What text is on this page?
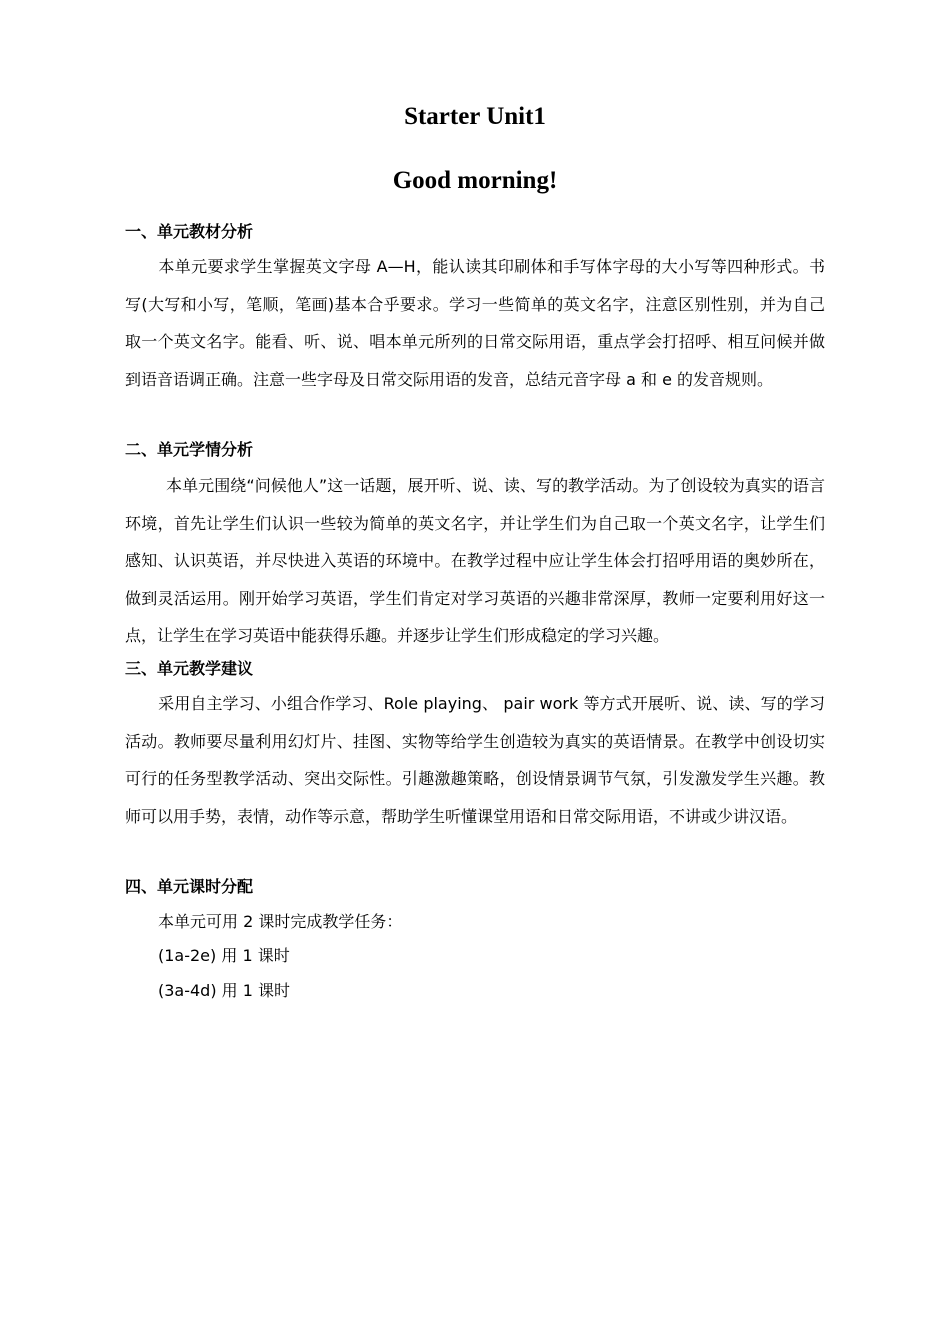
Starter Unit1
Good morning!
一、单元教材分析
本单元要求学生掌握英文字母 A—H，能认读其印刷体和手写体字母的大小写等四种形式。书写(大写和小写，笔顺，笔画)基本合乎要求。学习一些简单的英文名字，注意区别性别，并为自己取一个英文名字。能看、听、说、唱本单元所列的日常交际用语，重点学会打招呼、相互问候并做到语音语调正确。注意一些字母及日常交际用语的发音，总结元音字母 a 和 e 的发音规则。
二、单元学情分析
本单元围绕“问候他人”这一话题，展开听、说、读、写的教学活动。为了创设较为真实的语言环境，首先让学生们认识一些较为简单的英文名字，并让学生们为自己取一个英文名字，让学生们感知、认识英语，并尽快进入英语的环境中。在教学过程中应让学生体会打招呼用语的奥妙所在，做到灵活运用。刚开始学习英语，学生们肯定对学习英语的兴趣非常深厚，教师一定要利用好这一点，让学生在学习英语中能获得乐趣。并逐步让学生们形成稳定的学习兴趣。
三、单元教学建议
采用自主学习、小组合作学习、Role playing、 pair work 等方式开展听、说、读、写的学习活动。教师要尽量利用幻灯片、挂图、实物等给学生创造较为真实的英语情景。在教学中创设切实可行的任务型教学活动、突出交际性。引趣激趣策略，创设情景调节气氛，引发激发学生兴趣。教师可以用手势，表情，动作等示意，帮助学生听懂课堂用语和日常交际用语，不讲或少讲汉语。
四、单元课时分配
本单元可用 2 课时完成教学任务：
(1a-2e) 用 1 课时
(3a-4d) 用 1 课时
